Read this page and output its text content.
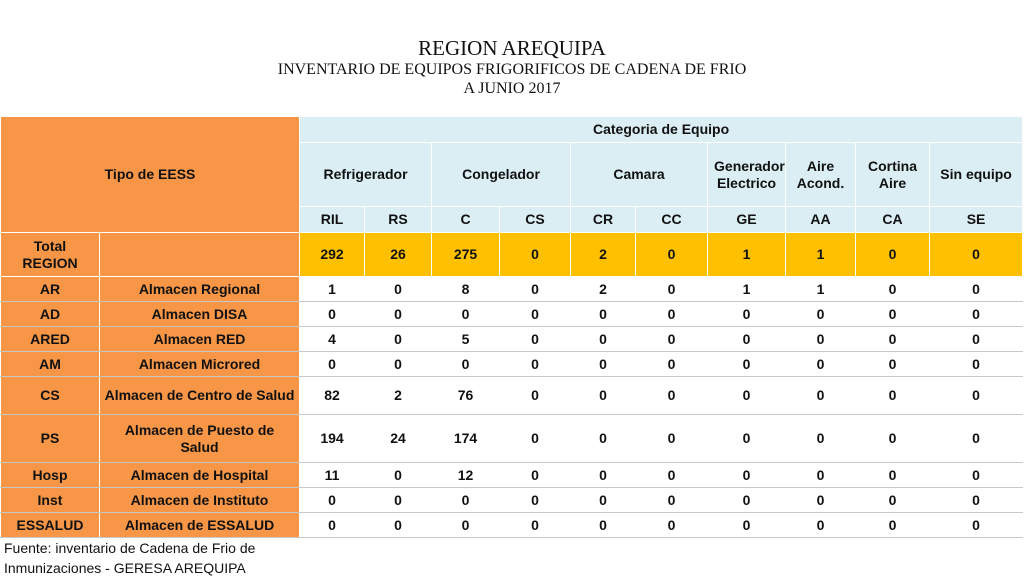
REGION AREQUIPA
INVENTARIO DE EQUIPOS FRIGORIFICOS DE CADENA DE FRIO
A JUNIO 2017
Tipo de EESS		Categoria de Equipo									
		Refrigerador		Congelador		Camara		Generador Electrico	Aire Acond.	Cortina Aire	Sin equipo
		RIL	RS	C	CS	CR	CC	GE	AA	CA	SE
Total REGION		292	26	275	0	2	0	1	1	0	0
AR	Almacen Regional	1	0	8	0	2	0	1	1	0	0
AD	Almacen DISA	0	0	0	0	0	0	0	0	0	0
ARED	Almacen RED	4	0	5	0	0	0	0	0	0	0
AM	Almacen Microred	0	0	0	0	0	0	0	0	0	0
CS	Almacen de Centro de Salud	82	2	76	0	0	0	0	0	0	0
PS	Almacen de Puesto de Salud	194	24	174	0	0	0	0	0	0	0
Hosp	Almacen de Hospital	11	0	12	0	0	0	0	0	0	0
Inst	Almacen de Instituto	0	0	0	0	0	0	0	0	0	0
ESSALUD	Almacen de ESSALUD	0	0	0	0	0	0	0	0	0	0
Fuente: inventario de Cadena de Frio de
Inmunizaciones - GERESA AREQUIPA
